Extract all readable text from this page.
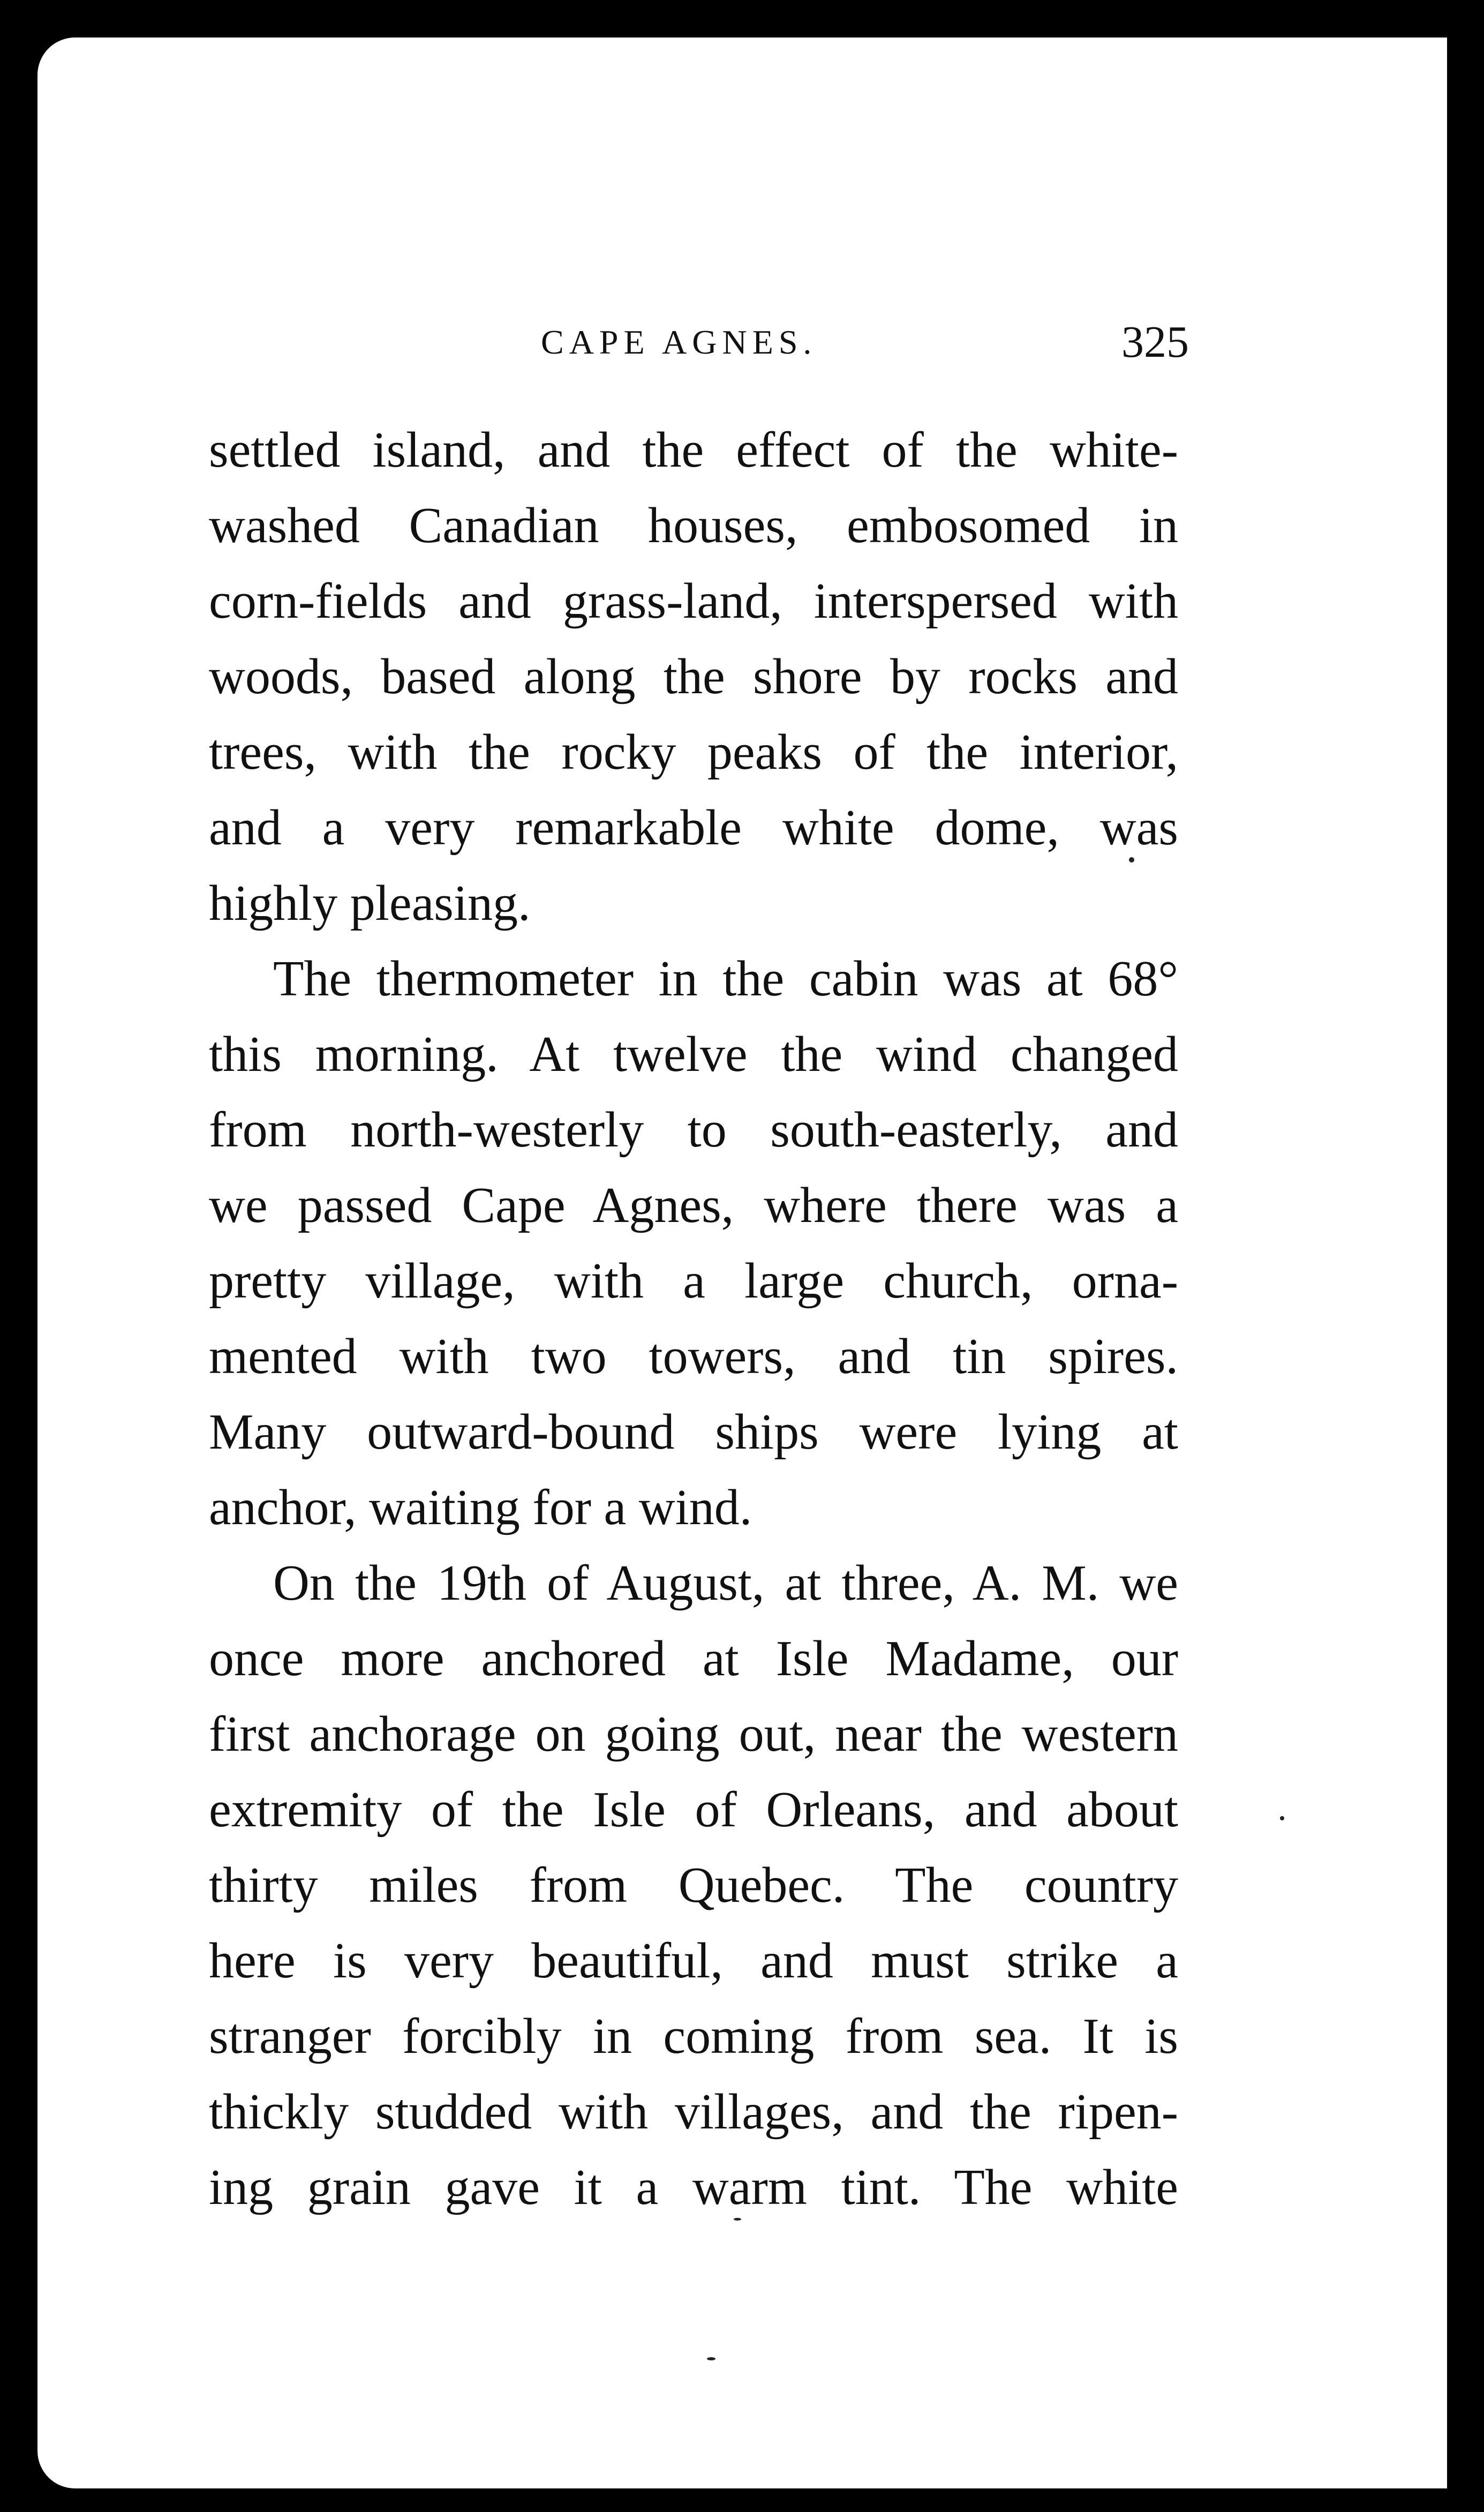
CAPE AGNES.	325
settled island, and the effect of the white-
washed Canadian houses, embosomed in
corn-fields and grass-land, interspersed with
woods, based along the shore by rocks and
trees, with the rocky peaks of the interior,
and a very remarkable white dome, was
highly pleasing.
The thermometer in the cabin was at 68°
this morning. At twelve the wind changed
from north-westerly to south-easterly, and
we passed Cape Agnes, where there was a
pretty village, with a large church, orna-
mented with two towers, and tin spires.
Many outward-bound ships were lying at
anchor, waiting for a wind.
On the 19th of August, at three, A. M. we
once more anchored at Isle Madame, our
first anchorage on going out, near the western
extremity of the Isle of Orleans, and about
thirty miles from Quebec. The country
here is very beautiful, and must strike a
stranger forcibly in coming from sea. It is
thickly studded with villages, and the ripen-
ing grain gave it a warm tint. The white
